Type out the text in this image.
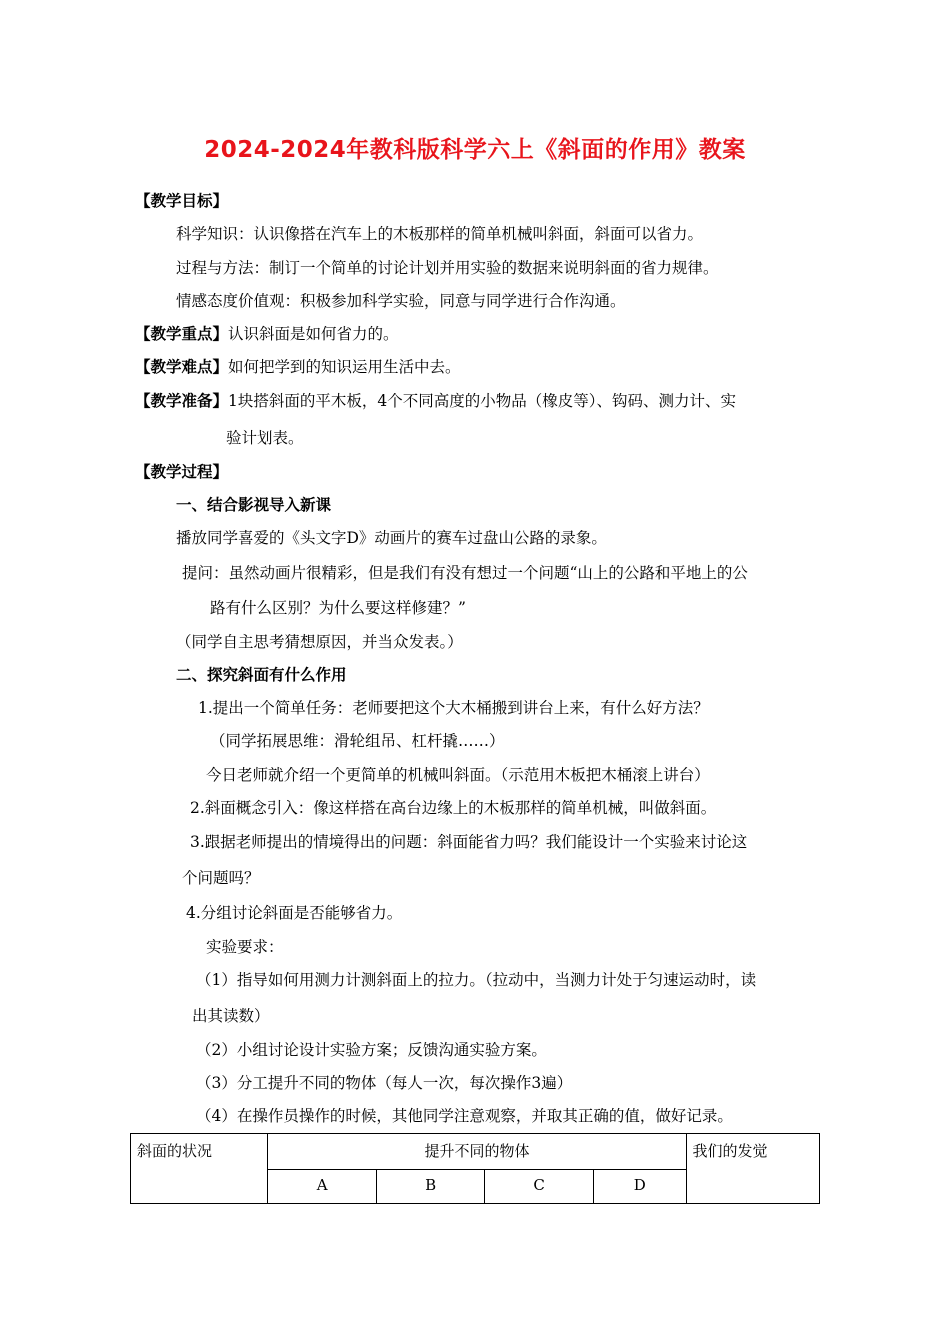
2024-2024年教科版科学六上《斜面的作用》教案
【教学目标】
科学知识：认识像搭在汽车上的木板那样的简单机械叫斜面，斜面可以省力。
过程与方法：制订一个简单的讨论计划并用实验的数据来说明斜面的省力规律。
情感态度价值观：积极参加科学实验，同意与同学进行合作沟通。
【教学重点】认识斜面是如何省力的。
【教学难点】如何把学到的知识运用生活中去。
【教学准备】1块搭斜面的平木板，4个不同高度的小物品（橡皮等）、钩码、测力计、实
验计划表。
【教学过程】
一、结合影视导入新课
播放同学喜爱的《头文字D》动画片的赛车过盘山公路的录象。
提问：虽然动画片很精彩，但是我们有没有想过一个问题“山上的公路和平地上的公
路有什么区别？为什么要这样修建？”
（同学自主思考猜想原因，并当众发表。）
二、探究斜面有什么作用
1.提出一个简单任务：老师要把这个大木桶搬到讲台上来，有什么好方法？
（同学拓展思维：滑轮组吊、杠杆撬……）
今日老师就介绍一个更简单的机械叫斜面。（示范用木板把木桶滚上讲台）
2.斜面概念引入：像这样搭在高台边缘上的木板那样的简单机械，叫做斜面。
3.跟据老师提出的情境得出的问题：斜面能省力吗？我们能设计一个实验来讨论这
个问题吗？
4.分组讨论斜面是否能够省力。
实验要求：
（1）指导如何用测力计测斜面上的拉力。（拉动中，当测力计处于匀速运动时，读
出其读数）
（2）小组讨论设计实验方案；反馈沟通实验方案。
（3）分工提升不同的物体（每人一次，每次操作3遍）
（4）在操作员操作的时候，其他同学注意观察，并取其正确的值，做好记录。
斜面的状况	提升不同的物体				我们的发觉

	A	B	C	D	
